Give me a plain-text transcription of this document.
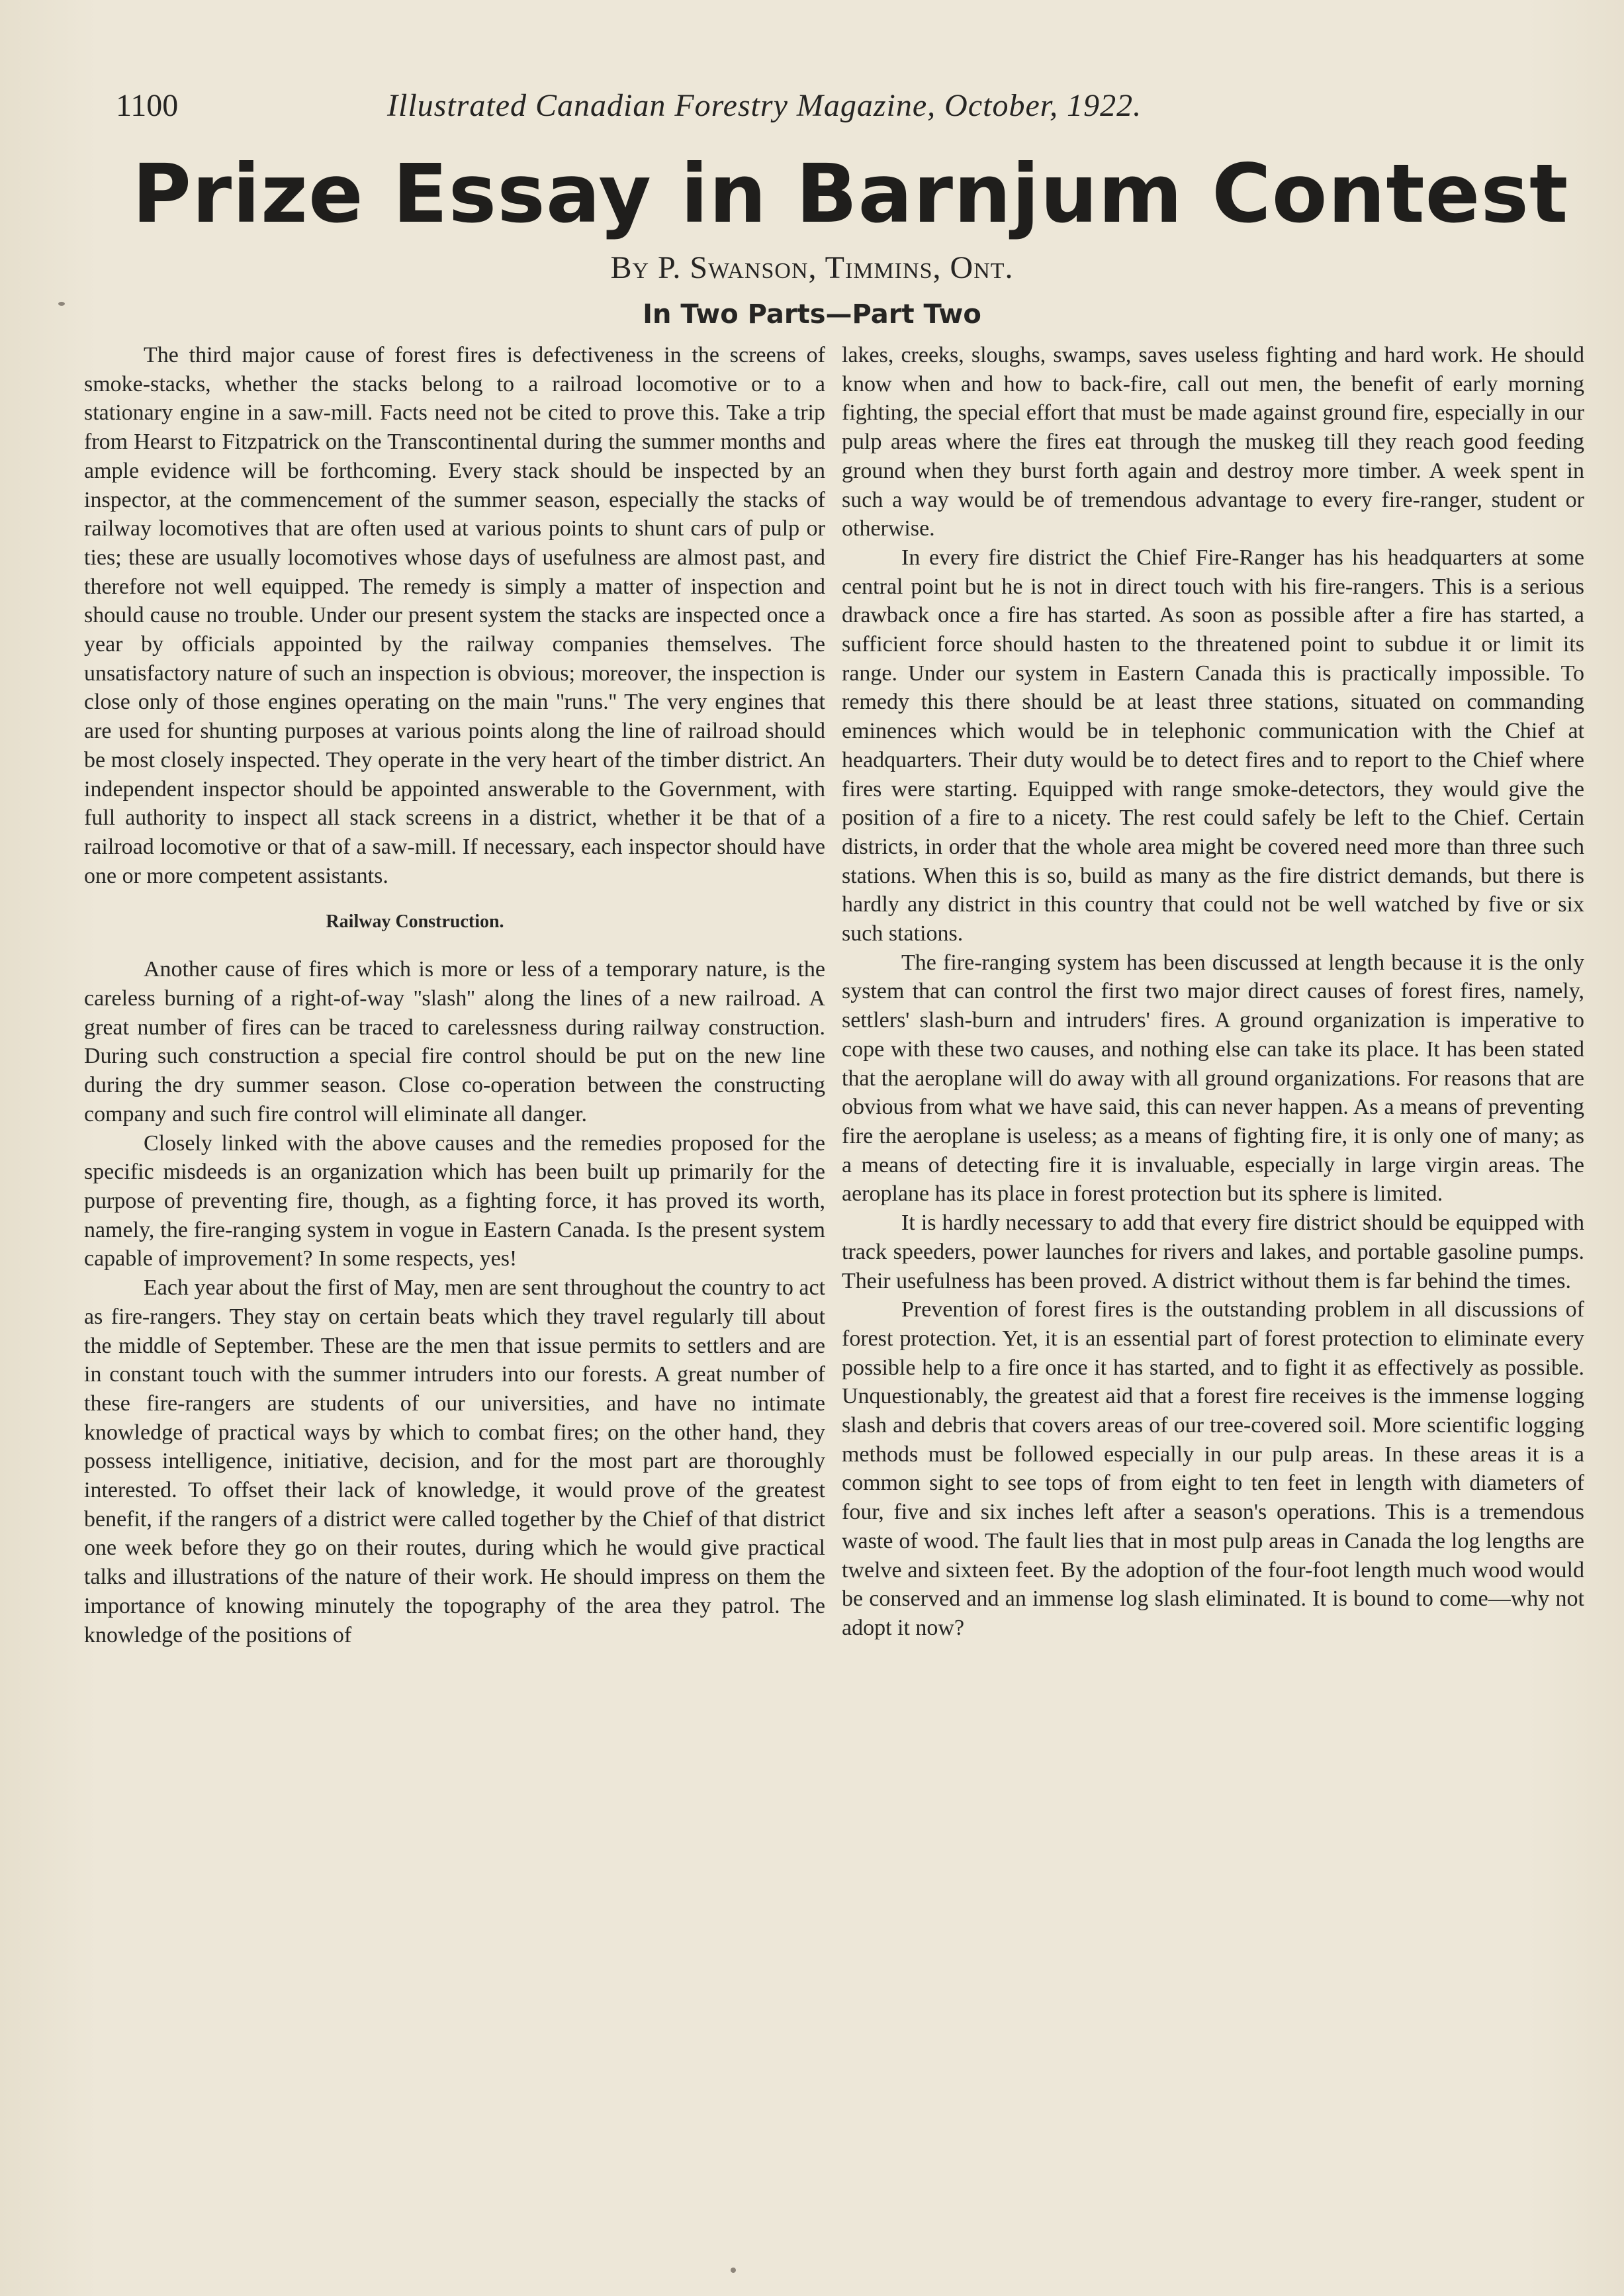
1100	Illustrated Canadian Forestry Magazine, October, 1922.
Prize Essay in Barnjum Contest
By P. Swanson, Timmins, Ont.
In Two Parts—Part Two

The third major cause of forest fires is defectiveness in the screens of smoke-stacks, whether the stacks belong to a railroad locomotive or to a stationary engine in a saw-mill. Facts need not be cited to prove this. Take a trip from Hearst to Fitzpatrick on the Transcontinental during the summer months and ample evidence will be forthcoming. Every stack should be inspected by an inspector, at the commencement of the summer season, especially the stacks of railway locomotives that are often used at various points to shunt cars of pulp or ties; these are usually locomotives whose days of usefulness are almost past, and therefore not well equipped. The remedy is simply a matter of inspection and should cause no trouble. Under our present system the stacks are inspected once a year by officials appointed by the railway companies themselves. The unsatisfactory nature of such an inspection is obvious; moreover, the inspection is close only of those engines operating on the main ''runs.'' The very engines that are used for shunting purposes at various points along the line of railroad should be most closely inspected. They operate in the very heart of the timber district. An independent inspector should be appointed answerable to the Government, with full authority to inspect all stack screens in a district, whether it be that of a railroad locomotive or that of a saw-mill. If necessary, each inspector should have one or more competent assistants.

Railway Construction.

Another cause of fires which is more or less of a temporary nature, is the careless burning of a right-of-way ''slash'' along the lines of a new railroad. A great number of fires can be traced to carelessness during railway construction. During such construction a special fire control should be put on the new line during the dry summer season. Close co-operation between the constructing company and such fire control will eliminate all danger.

Closely linked with the above causes and the remedies proposed for the specific misdeeds is an organization which has been built up primarily for the purpose of preventing fire, though, as a fighting force, it has proved its worth, namely, the fire-ranging system in vogue in Eastern Canada. Is the present system capable of improvement? In some respects, yes!

Each year about the first of May, men are sent throughout the country to act as fire-rangers. They stay on certain beats which they travel regularly till about the middle of September. These are the men that issue permits to settlers and are in constant touch with the summer intruders into our forests. A great number of these fire-rangers are students of our universities, and have no intimate knowledge of practical ways by which to combat fires; on the other hand, they possess intelligence, initiative, decision, and for the most part are thoroughly interested. To offset their lack of knowledge, it would prove of the greatest benefit, if the rangers of a district were called together by the Chief of that district one week before they go on their routes, during which he would give practical talks and illustrations of the nature of their work. He should impress on them the importance of knowing minutely the topography of the area they patrol. The knowledge of the positions of

lakes, creeks, sloughs, swamps, saves useless fighting and hard work. He should know when and how to back-fire, call out men, the benefit of early morning fighting, the special effort that must be made against ground fire, especially in our pulp areas where the fires eat through the muskeg till they reach good feeding ground when they burst forth again and destroy more timber. A week spent in such a way would be of tremendous advantage to every fire-ranger, student or otherwise.

In every fire district the Chief Fire-Ranger has his headquarters at some central point but he is not in direct touch with his fire-rangers. This is a serious drawback once a fire has started. As soon as possible after a fire has started, a sufficient force should hasten to the threatened point to subdue it or limit its range. Under our system in Eastern Canada this is practically impossible. To remedy this there should be at least three stations, situated on commanding eminences which would be in telephonic communication with the Chief at headquarters. Their duty would be to detect fires and to report to the Chief where fires were starting. Equipped with range smoke-detectors, they would give the position of a fire to a nicety. The rest could safely be left to the Chief. Certain districts, in order that the whole area might be covered need more than three such stations. When this is so, build as many as the fire district demands, but there is hardly any district in this country that could not be well watched by five or six such stations.

The fire-ranging system has been discussed at length because it is the only system that can control the first two major direct causes of forest fires, namely, settlers' slash-burn and intruders' fires. A ground organization is imperative to cope with these two causes, and nothing else can take its place. It has been stated that the aeroplane will do away with all ground organizations. For reasons that are obvious from what we have said, this can never happen. As a means of preventing fire the aeroplane is useless; as a means of fighting fire, it is only one of many; as a means of detecting fire it is invaluable, especially in large virgin areas. The aeroplane has its place in forest protection but its sphere is limited.

It is hardly necessary to add that every fire district should be equipped with track speeders, power launches for rivers and lakes, and portable gasoline pumps. Their usefulness has been proved. A district without them is far behind the times.

Prevention of forest fires is the outstanding problem in all discussions of forest protection. Yet, it is an essential part of forest protection to eliminate every possible help to a fire once it has started, and to fight it as effectively as possible. Unquestionably, the greatest aid that a forest fire receives is the immense logging slash and debris that covers areas of our tree-covered soil. More scientific logging methods must be followed especially in our pulp areas. In these areas it is a common sight to see tops of from eight to ten feet in length with diameters of four, five and six inches left after a season's operations. This is a tremendous waste of wood. The fault lies that in most pulp areas in Canada the log lengths are twelve and sixteen feet. By the adoption of the four-foot length much wood would be conserved and an immense log slash eliminated. It is bound to come—why not adopt it now?
